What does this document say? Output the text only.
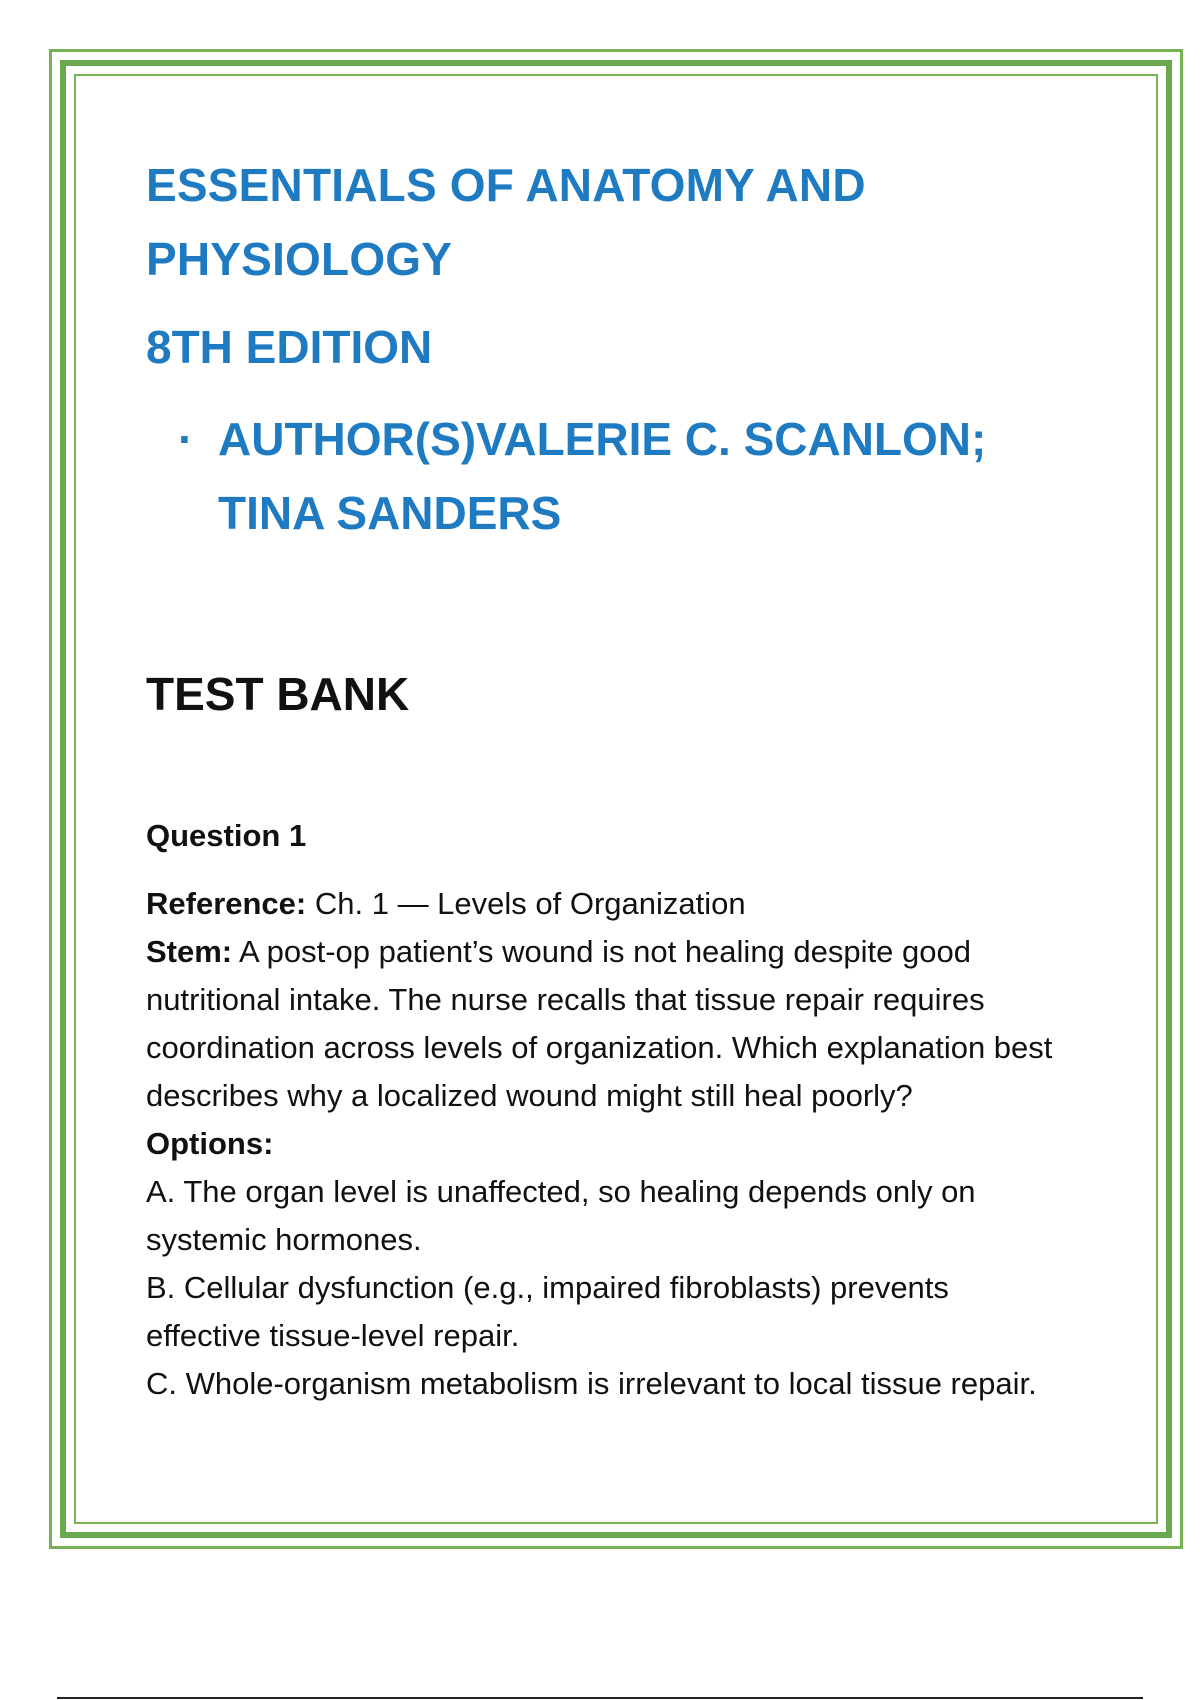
ESSENTIALS OF ANATOMY AND PHYSIOLOGY
8TH EDITION
· AUTHOR(S)VALERIE C. SCANLON; TINA SANDERS
TEST BANK
Question 1
Reference: Ch. 1 — Levels of Organization
Stem: A post-op patient’s wound is not healing despite good nutritional intake. The nurse recalls that tissue repair requires coordination across levels of organization. Which explanation best describes why a localized wound might still heal poorly?
Options:
A. The organ level is unaffected, so healing depends only on systemic hormones.
B. Cellular dysfunction (e.g., impaired fibroblasts) prevents effective tissue-level repair.
C. Whole-organism metabolism is irrelevant to local tissue repair.
